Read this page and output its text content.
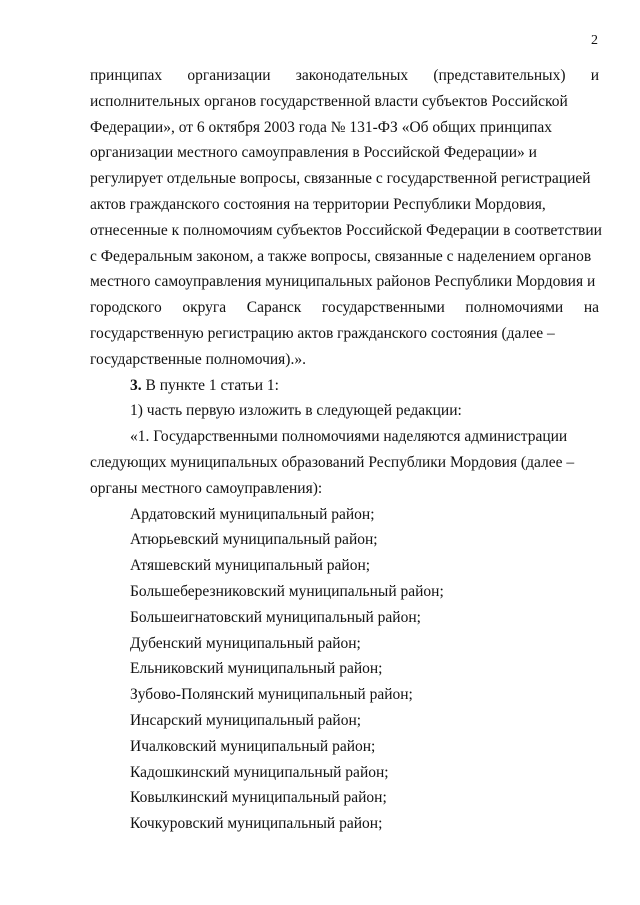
2
принципах организации законодательных (представительных) и
исполнительных органов государственной власти субъектов Российской
Федерации», от 6 октября 2003 года № 131-ФЗ «Об общих принципах
организации местного самоуправления в Российской Федерации» и
регулирует отдельные вопросы, связанные с государственной регистрацией
актов гражданского состояния на территории Республики Мордовия,
отнесенные к полномочиям субъектов Российской Федерации в соответствии
с Федеральным законом, а также вопросы, связанные с наделением органов
местного самоуправления муниципальных районов Республики Мордовия и
городского округа Саранск государственными полномочиями на
государственную регистрацию актов гражданского состояния (далее –
государственные полномочия).».
3. В пункте 1 статьи 1:
1) часть первую изложить в следующей редакции:
«1. Государственными полномочиями наделяются администрации
следующих муниципальных образований Республики Мордовия (далее –
органы местного самоуправления):
Ардатовский муниципальный район;
Атюрьевский муниципальный район;
Атяшевский муниципальный район;
Большеберезниковский муниципальный район;
Большеигнатовский муниципальный район;
Дубенский муниципальный район;
Ельниковский муниципальный район;
Зубово-Полянский муниципальный район;
Инсарский муниципальный район;
Ичалковский муниципальный район;
Кадошкинский муниципальный район;
Ковылкинский муниципальный район;
Кочкуровский муниципальный район;
